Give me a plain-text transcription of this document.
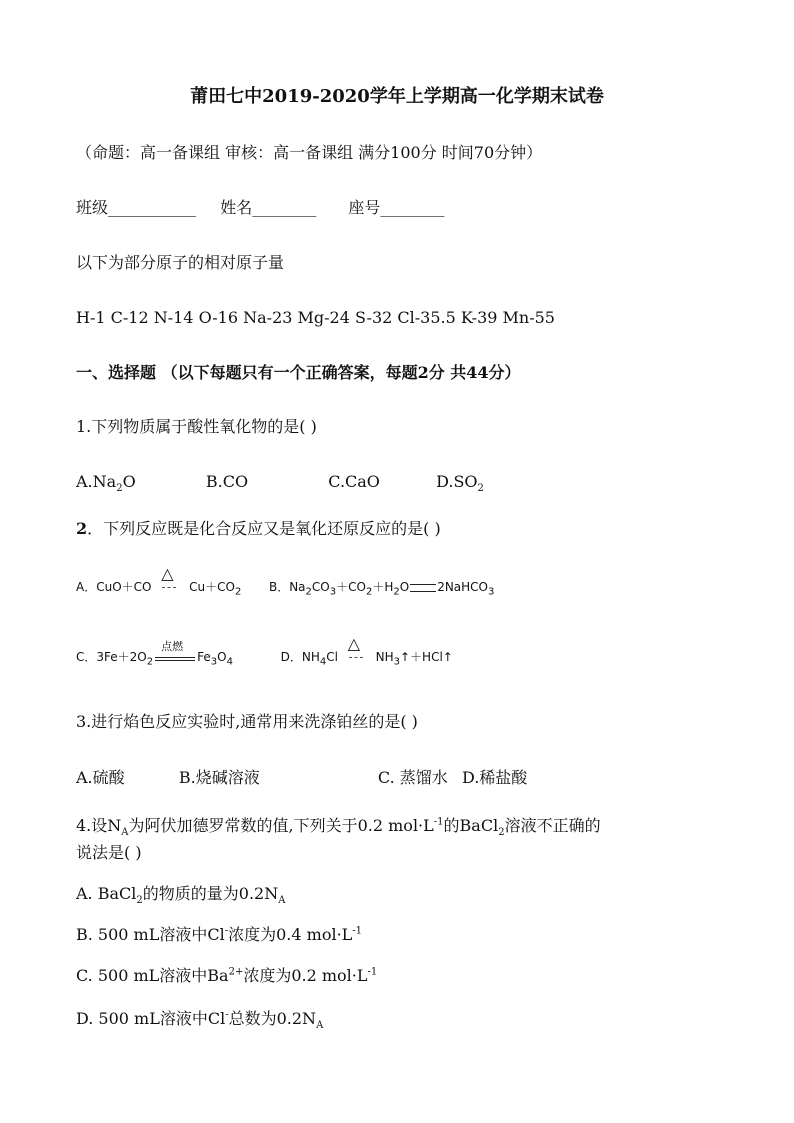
莆田七中2019-2020学年上学期高一化学期末试卷
（命题：高一备课组 审核：高一备课组 满分100分 时间70分钟）
班级___________ 姓名________ 座号________
以下为部分原子的相对原子量
H-1 C-12 N-14 O-16 Na-23 Mg-24 S-32 Cl-35.5 K-39 Mn-55
一、选择题 （以下每题只有一个正确答案，每题2分 共44分）
1.下列物质属于酸性氧化物的是( )
$A.Na_2O$	B.CO	C.CaO	$D.SO_2$
2．下列反应既是化合反应又是氧化还原反应的是( )
A．CuO＋CO
△
$Cu+CO_2$ B．$Na_2CO_3+CO_2+H_2O$ 2NaHCO$_3$
C．$3Fe+2O_2$
点燃
$Fe_3O_4$	D．$NH_4Cl$
△
$NH_3↑+HCl↑$
3.进行焰色反应实验时,通常用来洗涤铂丝的是( )
A.硫酸	B.烧碱溶液	C. 蒸馏水 D.稀盐酸
4.设$N_A$为阿伏加德罗常数的值,下列关于0.2 $mol\cdot L^{-1}$的BaCl$_2$溶液不正确的
说法是( )
A. BaCl$_2$的物质的量为$0.2N_A$
B. 500 mL溶液中Cl-浓度为0.4 $mol\cdot L^{-1}$
C. 500 mL溶液中$Ba^{2+}$浓度为0.2 $mol\cdot L^{-1}$
D. 500 mL溶液中Cl-总数为$0.2N_A$
